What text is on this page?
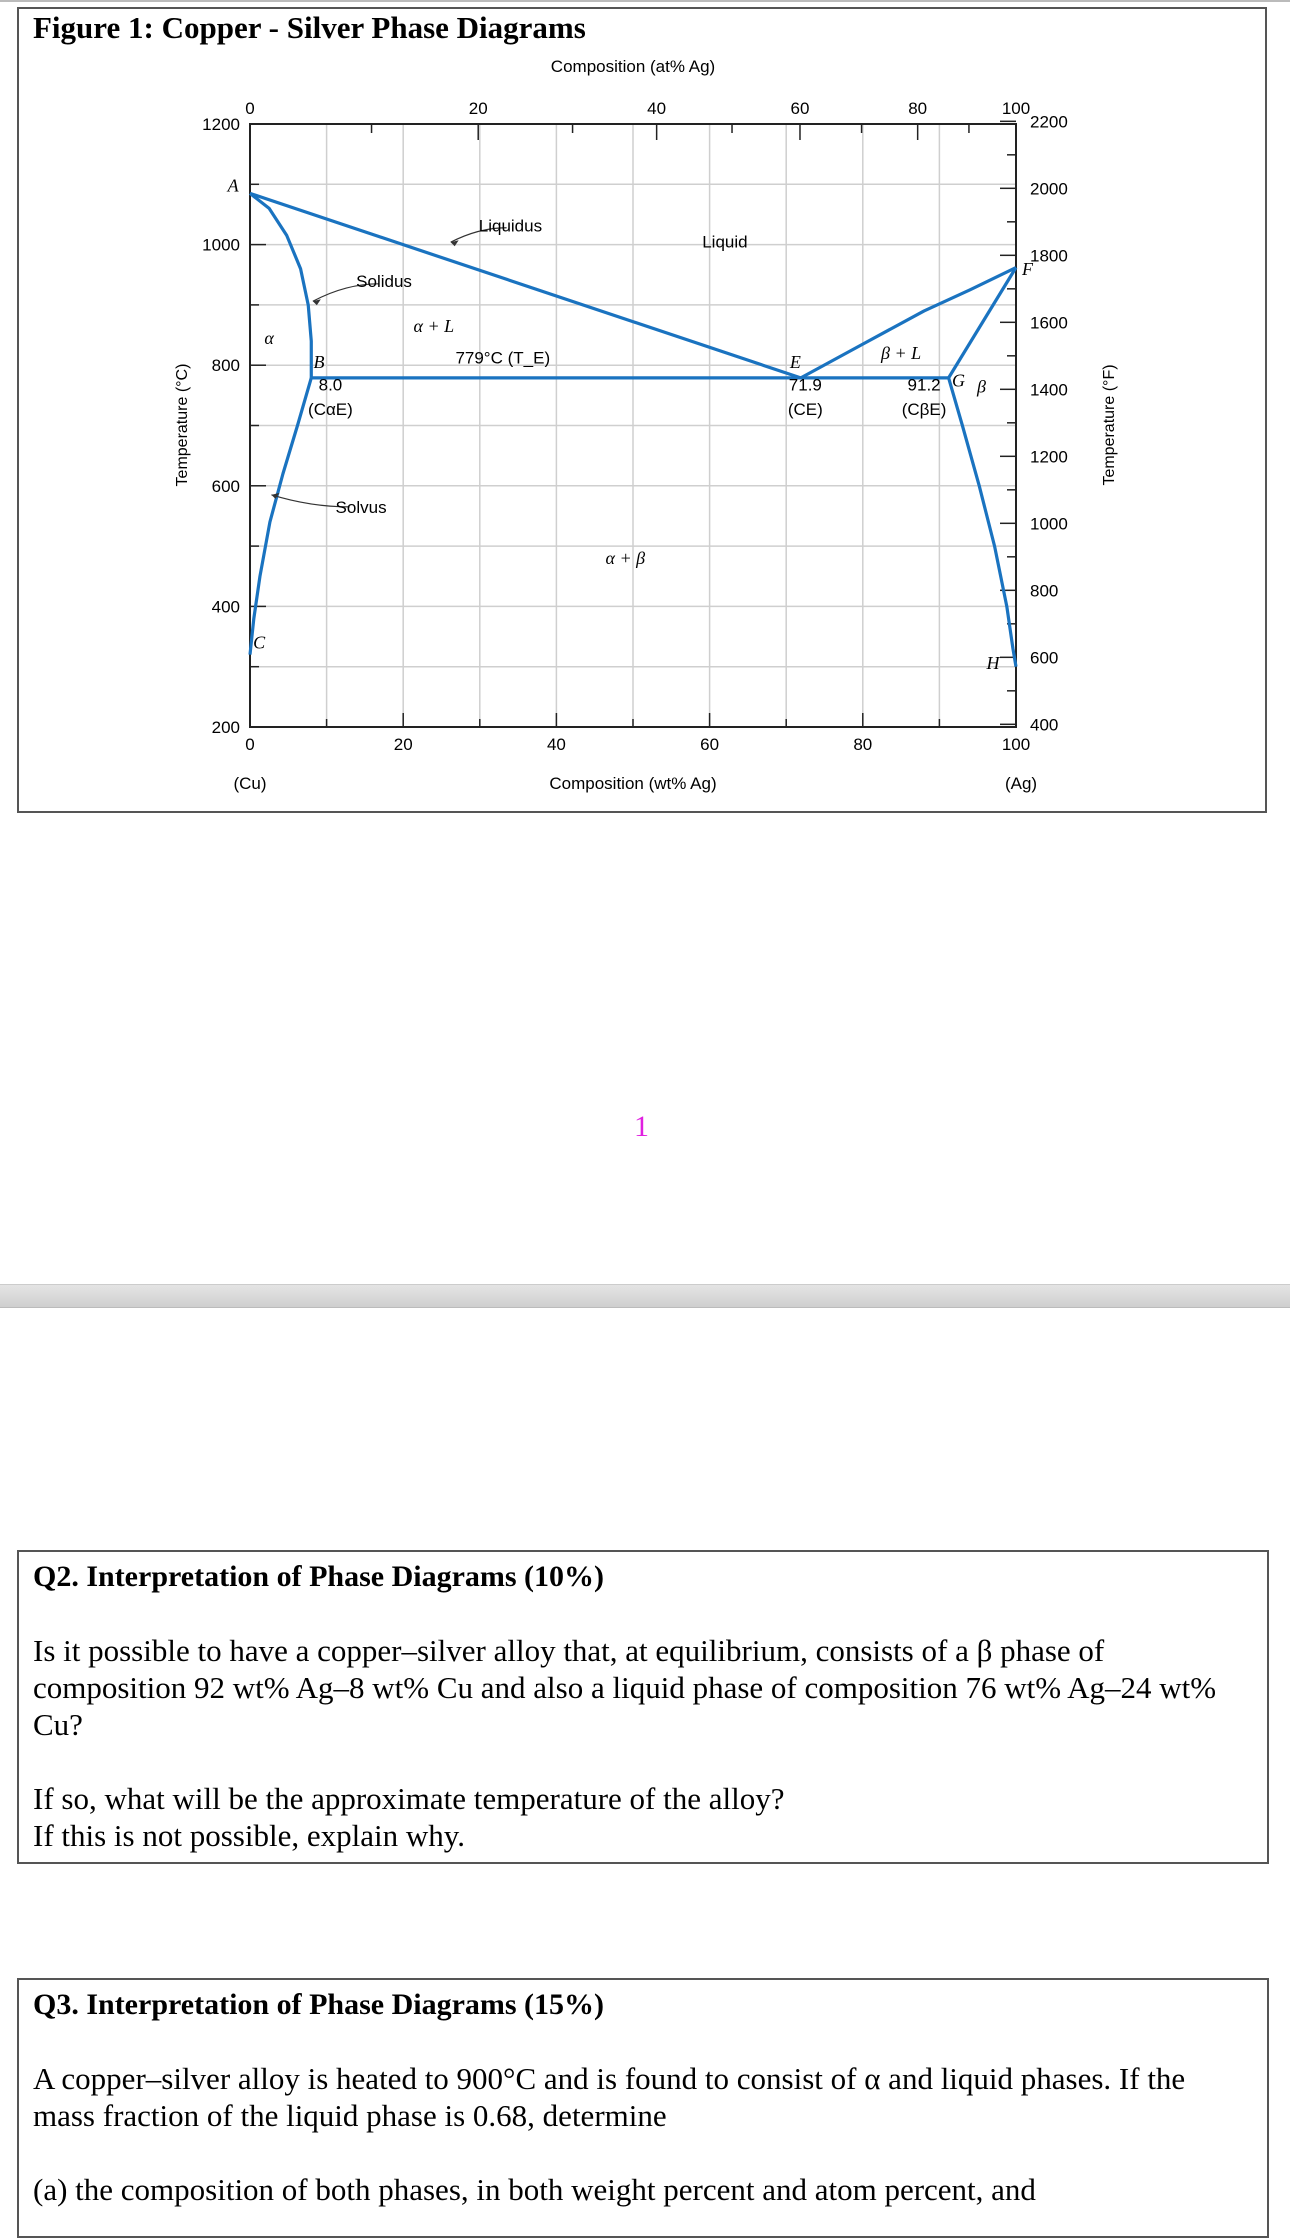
Figure 1: Copper - Silver Phase Diagrams
0	20	40	60	80	100
0	20	40	60	80	100
200
400
600
800
1000
1200
400
600
800
1000
1200
1400
1600
1800
2000
2200
Composition (wt% Ag)
Composition (at% Ag)
(Cu)	(Ag)
Temperature (°C)	Temperature (°F)
A
B
C
E
F
G
H
α
α + L
β + L
β
α + β
Liquid
Liquidus
Solidus
Solvus
779°C (T_E)
8.0
(CαE)
71.9
(CE)
91.2
(CβE)
1
Q2. Interpretation of Phase Diagrams (10%)

Is it possible to have a copper–silver alloy that, at equilibrium, consists of a β phase of composition 92 wt% Ag–8 wt% Cu and also a liquid phase of composition 76 wt% Ag–24 wt% Cu?

If so, what will be the approximate temperature of the alloy?
If this is not possible, explain why.
Q3. Interpretation of Phase Diagrams (15%)

A copper–silver alloy is heated to 900°C and is found to consist of α and liquid phases. If the mass fraction of the liquid phase is 0.68, determine

(a) the composition of both phases, in both weight percent and atom percent, and
